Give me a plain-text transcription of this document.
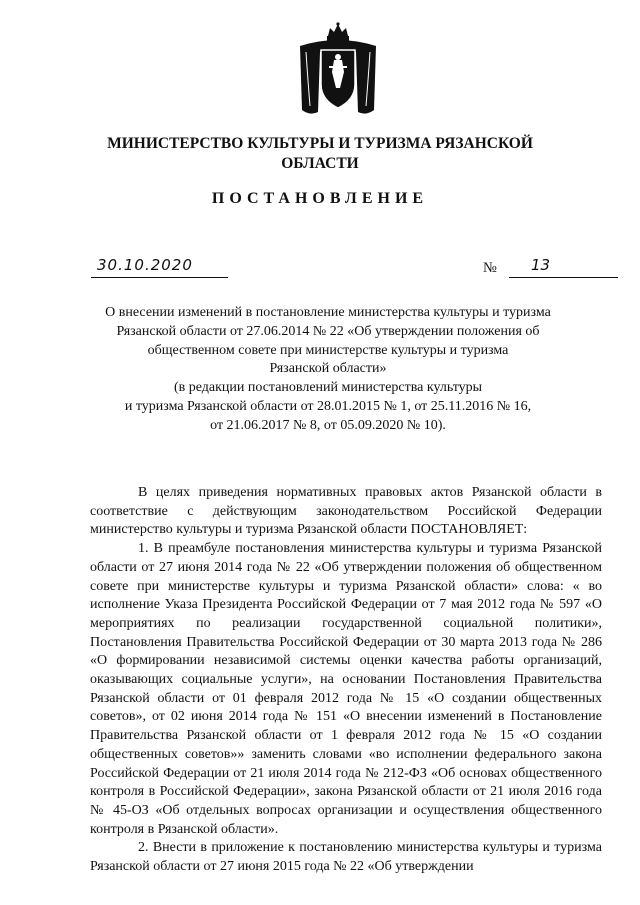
МИНИСТЕРСТВО КУЛЬТУРЫ И ТУРИЗМА РЯЗАНСКОЙ
ОБЛАСТИ
ПОСТАНОВЛЕНИЕ
30.10.2020	№ 13
О внесении изменений в постановление министерства культуры и туризма
Рязанской области от 27.06.2014 № 22 «Об утверждении положения об
общественном совете при министерстве культуры и туризма
Рязанской области»
(в редакции постановлений министерства культуры
и туризма Рязанской области от 28.01.2015 № 1, от 25.11.2016 № 16,
от 21.06.2017 № 8, от 05.09.2020 № 10).

В целях приведения нормативных правовых актов Рязанской области в соответствие с действующим законодательством Российской Федерации министерство культуры и туризма Рязанской области ПОСТАНОВЛЯЕТ:

1. В преамбуле постановления министерства культуры и туризма Рязанской области от 27 июня 2014 года № 22 «Об утверждении положения об общественном совете при министерстве культуры и туризма Рязанской области» слова: « во исполнение Указа Президента Российской Федерации от 7 мая 2012 года № 597 «О мероприятиях по реализации государственной социальной политики», Постановления Правительства Российской Федерации от 30 марта 2013 года № 286 «О формировании независимой системы оценки качества работы организаций, оказывающих социальные услуги», на основании Постановления Правительства Рязанской области от 01 февраля 2012 года № 15 «О создании общественных советов», от 02 июня 2014 года № 151 «О внесении изменений в Постановление Правительства Рязанской области от 1 февраля 2012 года № 15 «О создании общественных советов»» заменить словами «во исполнении федерального закона Российской Федерации от 21 июля 2014 года № 212-ФЗ «Об основах общественного контроля в Российской Федерации», закона Рязанской области от 21 июля 2016 года № 45-ОЗ «Об отдельных вопросах организации и осуществления общественного контроля в Рязанской области».

2. Внести в приложение к постановлению министерства культуры и туризма Рязанской области от 27 июня 2015 года № 22 «Об утверждении
